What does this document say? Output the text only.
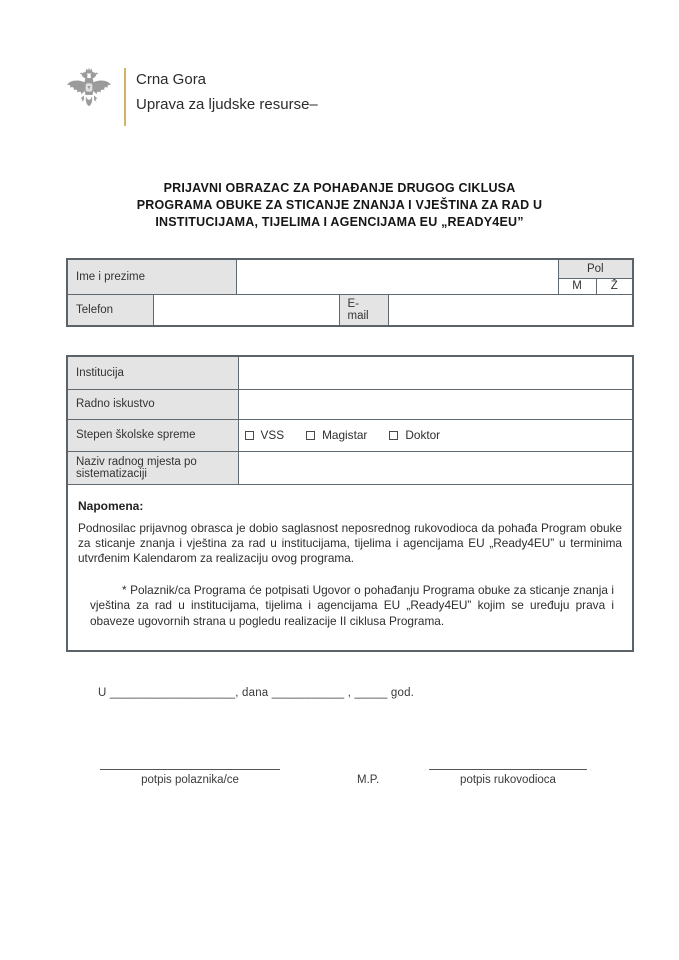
Crna Gora
Uprava za ljudske resurse–
PRIJAVNI OBRAZAC ZA POHAĐANJE DRUGOG CIKLUSA
PROGRAMA OBUKE ZA STICANJE ZNANJA I VJEŠTINA ZA RAD U
INSTITUCIJAMA, TIJELIMA I AGENCIJAMA EU „READY4EU”
Ime i prezime					Pol	
					M	Ž
Telefon			E-mail			
Institucija	
Radno iskustvo	
Stepen školske spreme	VSS Magistar Doktor

Naziv radnog mjesta po sistematizaciji	

Napomena:

Podnosilac prijavnog obrasca je dobio saglasnost neposrednog rukovodioca da pohađa Program obuke za sticanje znanja i vještina za rad u institucijama, tijelima i agencijama EU „Ready4EU” u terminima utvrđenim Kalendarom za realizaciju ovog programa.

* Polaznik/ca Programa će potpisati Ugovor o pohađanju Programa obuke za sticanje znanja i vještina za rad u institucijama, tijelima i agencijama EU „Ready4EU” kojim se uređuju prava i obaveze ugovornih strana u pogledu realizacije II ciklusa Programa.	

U ___________________, dana ___________ , _____ god.
potpis polaznika/ce	M.P.	potpis rukovodioca
